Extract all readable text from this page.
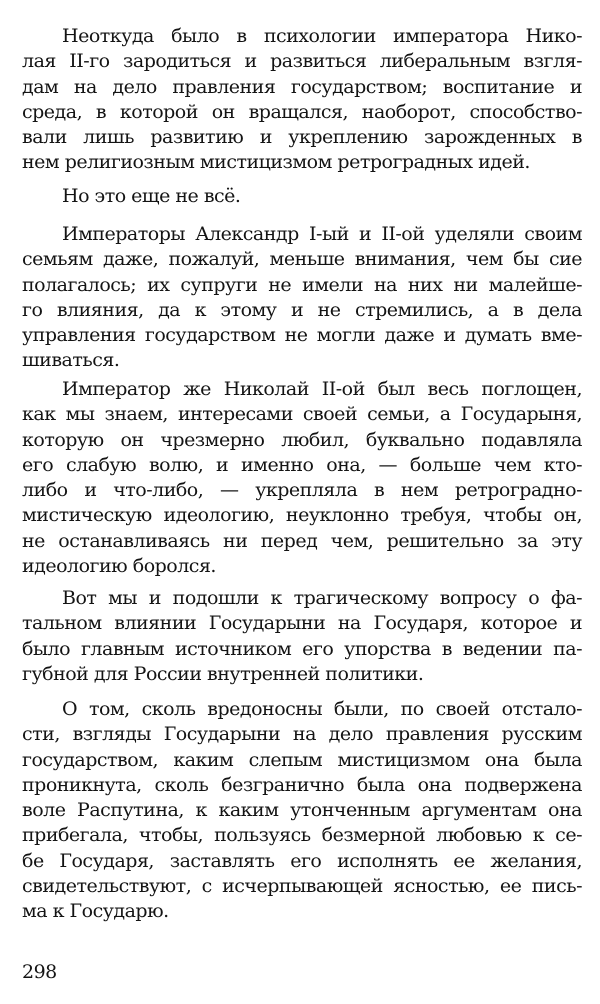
Неоткуда было в психологии императора Нико-
лая II-го зародиться и развиться либеральным взгля-
дам на дело правления государством; воспитание и
среда, в которой он вращался, наоборот, способство-
вали лишь развитию и укреплению зарожденных в
нем религиозным мистицизмом ретроградных идей.
Но это еще не всё.
Императоры Александр I-ый и II-ой уделяли своим
семьям даже, пожалуй, меньше внимания, чем бы сие
полагалось; их супруги не имели на них ни малейше-
го влияния, да к этому и не стремились, а в дела
управления государством не могли даже и думать вме-
шиваться.
Император же Николай II-ой был весь поглощен,
как мы знаем, интересами своей семьи, а Государыня,
которую он чрезмерно любил, буквально подавляла
его слабую волю, и именно она, — больше чем кто-
либо и что-либо, — укрепляла в нем ретроградно-
мистическую идеологию, неуклонно требуя, чтобы он,
не останавливаясь ни перед чем, решительно за эту
идеологию боролся.
Вот мы и подошли к трагическому вопросу о фа-
тальном влиянии Государыни на Государя, которое и
было главным источником его упорства в ведении па-
губной для России внутренней политики.
О том, сколь вредоносны были, по своей отстало-
сти, взгляды Государыни на дело правления русским
государством, каким слепым мистицизмом она была
проникнута, сколь безгранично была она подвержена
воле Распутина, к каким утонченным аргументам она
прибегала, чтобы, пользуясь безмерной любовью к се-
бе Государя, заставлять его исполнять ее желания,
свидетельствуют, с исчерпывающей ясностью, ее пись-
ма к Государю.
298
